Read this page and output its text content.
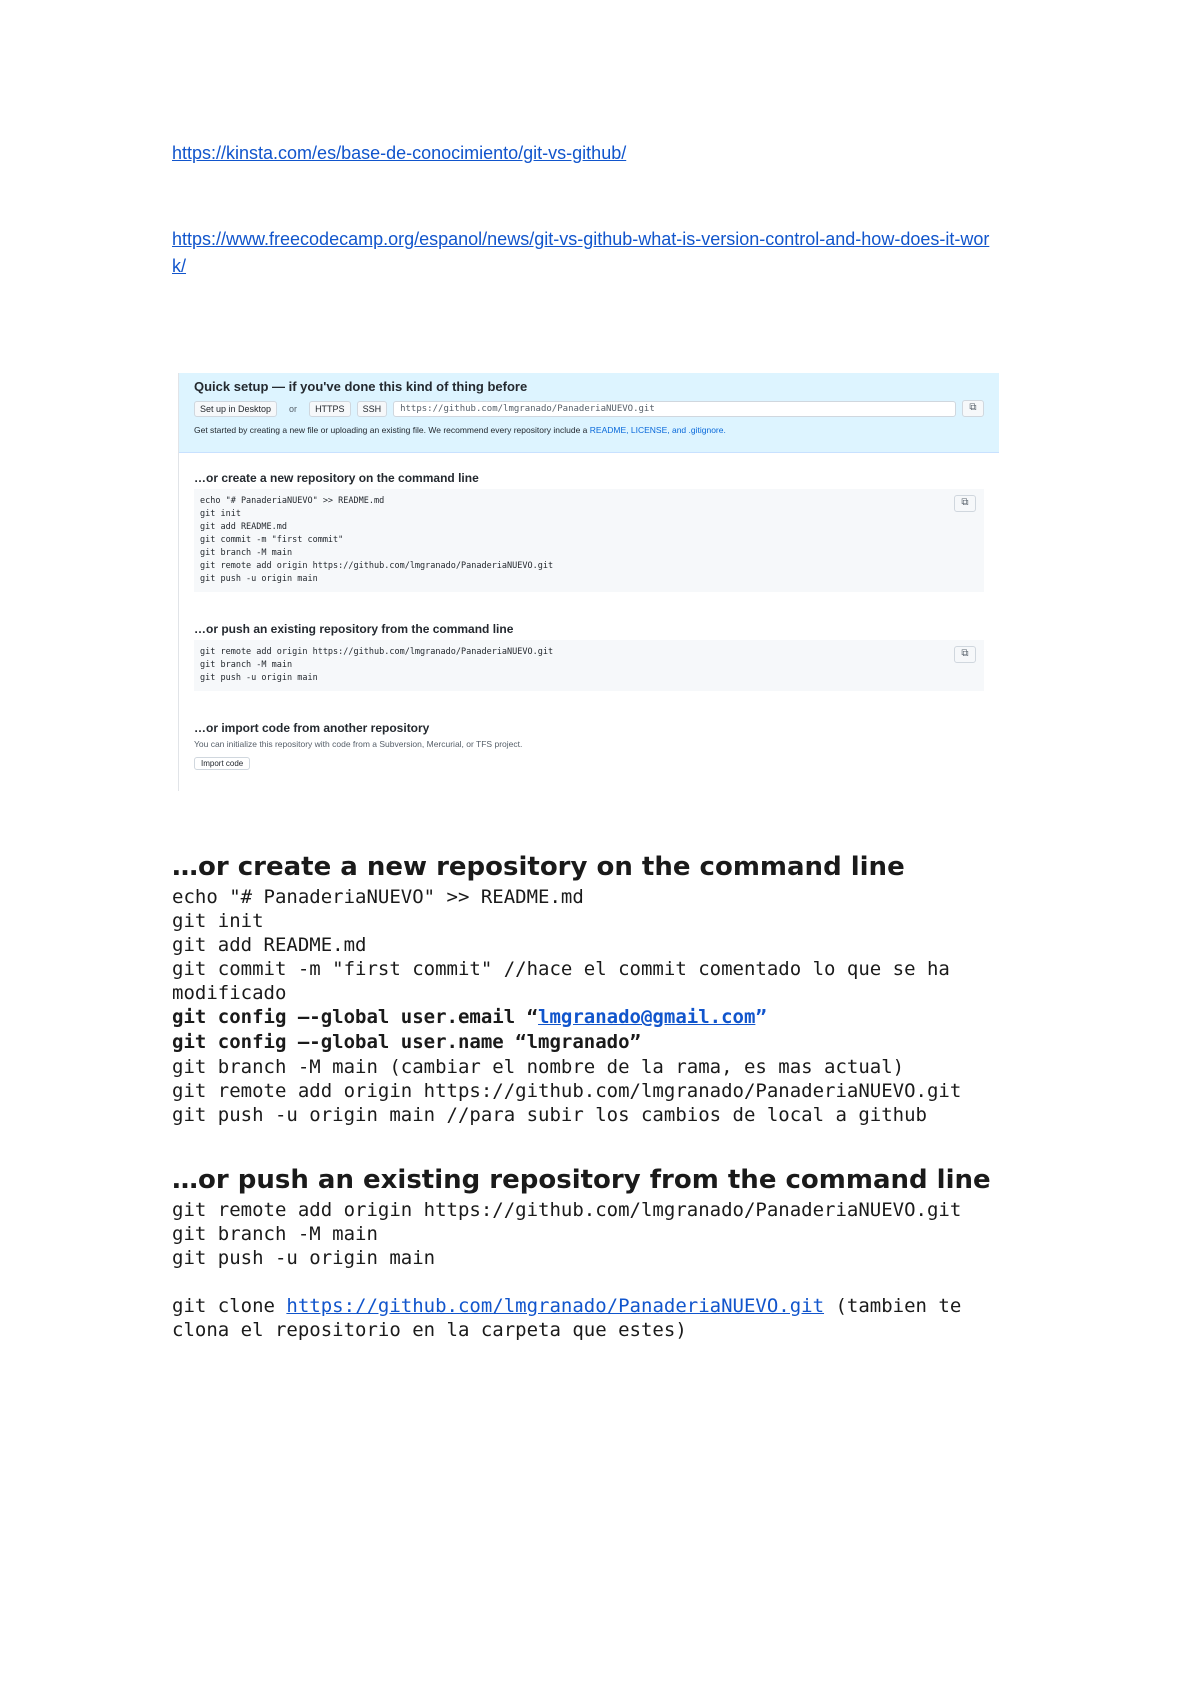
https://kinsta.com/es/base-de-conocimiento/git-vs-github/
https://www.freecodecamp.org/espanol/news/git-vs-github-what-is-version-control-and-how-does-it-work/
Quick setup — if you've done this kind of thing before
Set up in Desktop	or	HTTPS	SSH	https://github.com/lmgranado/PanaderiaNUEVO.git	⧉
Get started by creating a new file or uploading an existing file. We recommend every repository include a README, LICENSE, and .gitignore.
…or create a new repository on the command line
⧉
echo "# PanaderiaNUEVO" >> README.md
git init
git add README.md
git commit -m "first commit"
git branch -M main
git remote add origin https://github.com/lmgranado/PanaderiaNUEVO.git
git push -u origin main
…or push an existing repository from the command line
⧉
git remote add origin https://github.com/lmgranado/PanaderiaNUEVO.git
git branch -M main
git push -u origin main
…or import code from another repository
You can initialize this repository with code from a Subversion, Mercurial, or TFS project.
Import code
…or create a new repository on the command line
echo "# PanaderiaNUEVO" >> README.md
git init
git add README.md
git commit -m "first commit" //hace el commit comentado lo que se ha
modificado
git config —-global user.email “lmgranado@gmail.com”
git config —-global user.name “lmgranado”
git branch -M main (cambiar el nombre de la rama, es mas actual)
git remote add origin https://github.com/lmgranado/PanaderiaNUEVO.git
git push -u origin main //para subir los cambios de local a github
…or push an existing repository from the command line
git remote add origin https://github.com/lmgranado/PanaderiaNUEVO.git
git branch -M main
git push -u origin main
git clone https://github.com/lmgranado/PanaderiaNUEVO.git (tambien te
clona el repositorio en la carpeta que estes)
